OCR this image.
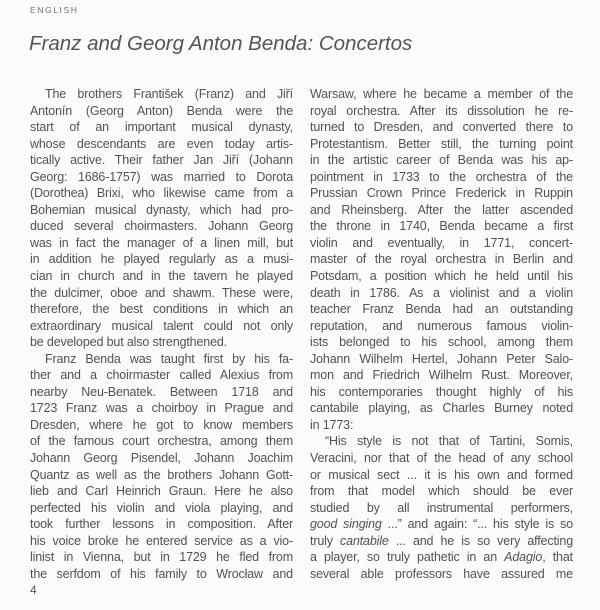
ENGLISH
Franz and Georg Anton Benda: Concertos
The brothers František (Franz) and Jiří
Antonín (Georg Anton) Benda were the
start of an important musical dynasty,
whose descendants are even today artis-
tically active. Their father Jan Jiří (Johann
Georg: 1686-1757) was married to Dorota
(Dorothea) Brixi, who likewise came from a
Bohemian musical dynasty, which had pro-
duced several choirmasters. Johann Georg
was in fact the manager of a linen mill, but
in addition he played regularly as a musi-
cian in church and in the tavern he played
the dulcimer, oboe and shawm. These were,
therefore, the best conditions in which an
extraordinary musical talent could not only
be developed but also strengthened.
Franz Benda was taught first by his fa-
ther and a choirmaster called Alexius from
nearby Neu-Benatek. Between 1718 and
1723 Franz was a choirboy in Prague and
Dresden, where he got to know members
of the famous court orchestra, among them
Johann Georg Pisendel, Johann Joachim
Quantz as well as the brothers Johann Gott-
lieb and Carl Heinrich Graun. Here he also
perfected his violin and viola playing, and
took further lessons in composition. After
his voice broke he entered service as a vio-
linist in Vienna, but in 1729 he fled from
the serfdom of his family to Wrocław and
Warsaw, where he became a member of the
royal orchestra. After its dissolution he re-
turned to Dresden, and converted there to
Protestantism. Better still, the turning point
in the artistic career of Benda was his ap-
pointment in 1733 to the orchestra of the
Prussian Crown Prince Frederick in Ruppin
and Rheinsberg. After the latter ascended
the throne in 1740, Benda became a first
violin and eventually, in 1771, concert-
master of the royal orchestra in Berlin and
Potsdam, a position which he held until his
death in 1786. As a violinist and a violin
teacher Franz Benda had an outstanding
reputation, and numerous famous violin-
ists belonged to his school, among them
Johann Wilhelm Hertel, Johann Peter Salo-
mon and Friedrich Wilhelm Rust. Moreover,
his contemporaries thought highly of his
cantabile playing, as Charles Burney noted
in 1773:
“His style is not that of Tartini, Somis,
Veracini, nor that of the head of any school
or musical sect ... it is his own and formed
from that model which should be ever
studied by all instrumental performers,
good singing ...” and again: “... his style is so
truly cantabile ... and he is so very affecting
a player, so truly pathetic in an Adagio, that
several able professors have assured me
4
